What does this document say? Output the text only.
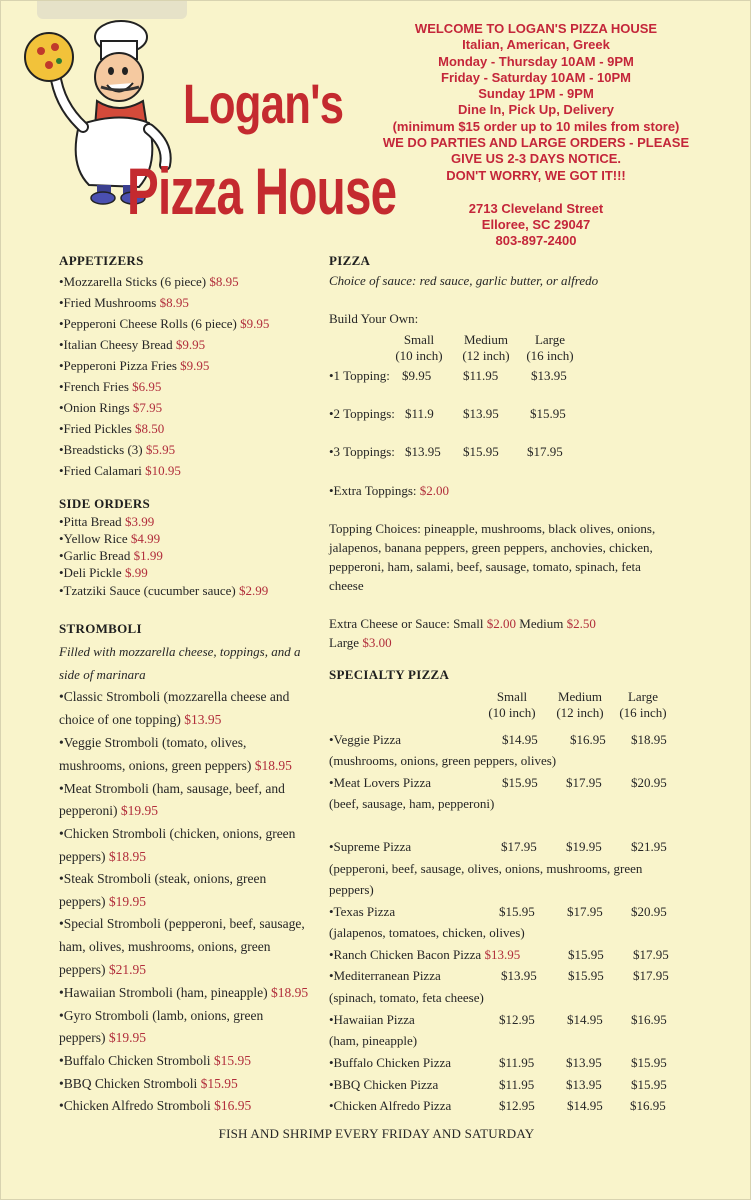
Logan's
Pizza House
WELCOME TO LOGAN'S PIZZA HOUSE
Italian, American, Greek
Monday - Thursday 10AM - 9PM
Friday - Saturday 10AM - 10PM
Sunday 1PM - 9PM
Dine In, Pick Up, Delivery
(minimum $15 order up to 10 miles from store)
WE DO PARTIES AND LARGE ORDERS - PLEASE
GIVE US 2-3 DAYS NOTICE.
DON'T WORRY, WE GOT IT!!!
2713 Cleveland Street
Elloree, SC 29047
803-897-2400
APPETIZERS
•Mozzarella Sticks (6 piece) $8.95
•Fried Mushrooms $8.95
•Pepperoni Cheese Rolls (6 piece) $9.95
•Italian Cheesy Bread $9.95
•Pepperoni Pizza Fries $9.95
•French Fries $6.95
•Onion Rings $7.95
•Fried Pickles $8.50
•Breadsticks (3) $5.95
•Fried Calamari $10.95
SIDE ORDERS
•Pitta Bread $3.99
•Yellow Rice $4.99
•Garlic Bread $1.99
•Deli Pickle $.99
•Tzatziki Sauce (cucumber sauce) $2.99
STROMBOLI
Filled with mozzarella cheese, toppings, and a
side of marinara
•Classic Stromboli (mozzarella cheese and
choice of one topping) $13.95
•Veggie Stromboli (tomato, olives,
mushrooms, onions, green peppers) $18.95
•Meat Stromboli (ham, sausage, beef, and
pepperoni) $19.95
•Chicken Stromboli (chicken, onions, green
peppers) $18.95
•Steak Stromboli (steak, onions, green
peppers) $19.95
•Special Stromboli (pepperoni, beef, sausage,
ham, olives, mushrooms, onions, green
peppers) $21.95
•Hawaiian Stromboli (ham, pineapple) $18.95
•Gyro Stromboli (lamb, onions, green
peppers) $19.95
•Buffalo Chicken Stromboli $15.95
•BBQ Chicken Stromboli $15.95
•Chicken Alfredo Stromboli $16.95
PIZZA
Choice of sauce: red sauce, garlic butter, or alfredo
Build Your Own:
Small
(10 inch)
Medium
(12 inch)
Large
(16 inch)
•1 Topping: $9.95 $11.95	$13.95
•2 Toppings: $11.9 $13.95 $15.95
•3 Toppings: $13.95 $15.95 $17.95
•Extra Toppings: $2.00
Topping Choices: pineapple, mushrooms, black olives, onions,
jalapenos, banana peppers, green peppers, anchovies, chicken,
pepperoni, ham, salami, beef, sausage, tomato, spinach, feta
cheese
Extra Cheese or Sauce: Small $2.00 Medium $2.50
Large $3.00
SPECIALTY PIZZA
Small
(10 inch)
Medium
(12 inch)
Large
(16 inch)
•Veggie Pizza	$14.95 $16.95 $18.95
(mushrooms, onions, green peppers, olives)
•Meat Lovers Pizza	$15.95 $17.95 $20.95
(beef, sausage, ham, pepperoni)
•Supreme Pizza	$17.95 $19.95 $21.95
(pepperoni, beef, sausage, olives, onions, mushrooms, green
peppers)
•Texas Pizza	$15.95 $17.95 $20.95
(jalapenos, tomatoes, chicken, olives)
•Ranch Chicken Bacon Pizza $13.95	$15.95 $17.95
•Mediterranean Pizza	$13.95 $15.95 $17.95
(spinach, tomato, feta cheese)
•Hawaiian Pizza	$12.95 $14.95 $16.95
(ham, pineapple)
•Buffalo Chicken Pizza	$11.95 $13.95 $15.95
•BBQ Chicken Pizza	$11.95 $13.95 $15.95
•Chicken Alfredo Pizza	$12.95 $14.95 $16.95
FISH AND SHRIMP EVERY FRIDAY AND SATURDAY
